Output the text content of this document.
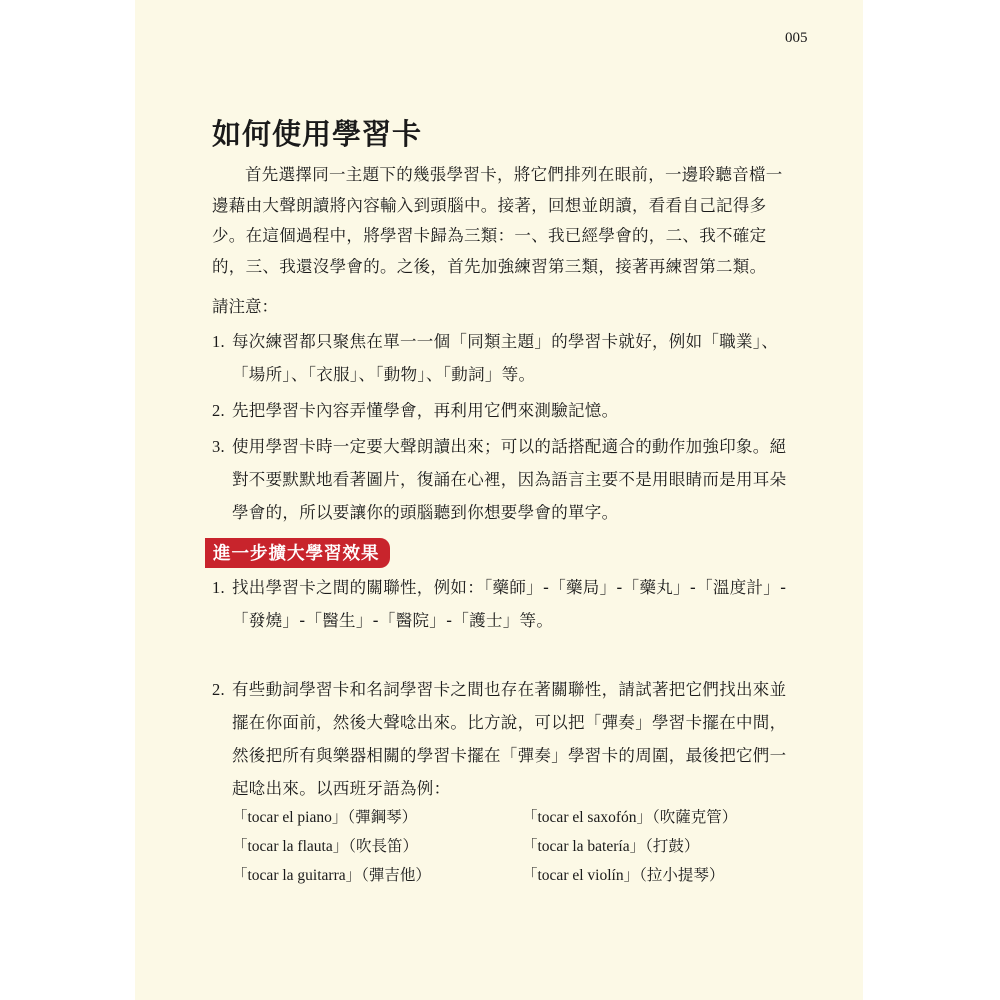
005
如何使用學習卡
首先選擇同一主題下的幾張學習卡，將它們排列在眼前，一邊聆聽音檔一邊藉由大聲朗讀將內容輸入到頭腦中。接著，回想並朗讀，看看自己記得多少。在這個過程中，將學習卡歸為三類：一、我已經學會的，二、我不確定的，三、我還沒學會的。之後，首先加強練習第三類，接著再練習第二類。
請注意：
1. 每次練習都只聚焦在單一一個「同類主題」的學習卡就好，例如「職業」、「場所」、「衣服」、「動物」、「動詞」等。
2. 先把學習卡內容弄懂學會，再利用它們來測驗記憶。
3. 使用學習卡時一定要大聲朗讀出來；可以的話搭配適合的動作加強印象。絕對不要默默地看著圖片，復誦在心裡，因為語言主要不是用眼睛而是用耳朵學會的，所以要讓你的頭腦聽到你想要學會的單字。
進一步擴大學習效果
1. 找出學習卡之間的關聯性，例如：「藥師」-「藥局」-「藥丸」-「溫度計」-「發燒」-「醫生」-「醫院」-「護士」等。
2. 有些動詞學習卡和名詞學習卡之間也存在著關聯性，請試著把它們找出來並擺在你面前，然後大聲唸出來。比方說，可以把「彈奏」學習卡擺在中間，然後把所有與樂器相關的學習卡擺在「彈奏」學習卡的周圍，最後把它們一起唸出來。以西班牙語為例：
「tocar el piano」（彈鋼琴）
「tocar la flauta」（吹長笛）
「tocar la guitarra」（彈吉他）
「tocar el saxofón」（吹薩克管）
「tocar la batería」（打鼓）
「tocar el violín」（拉小提琴）
